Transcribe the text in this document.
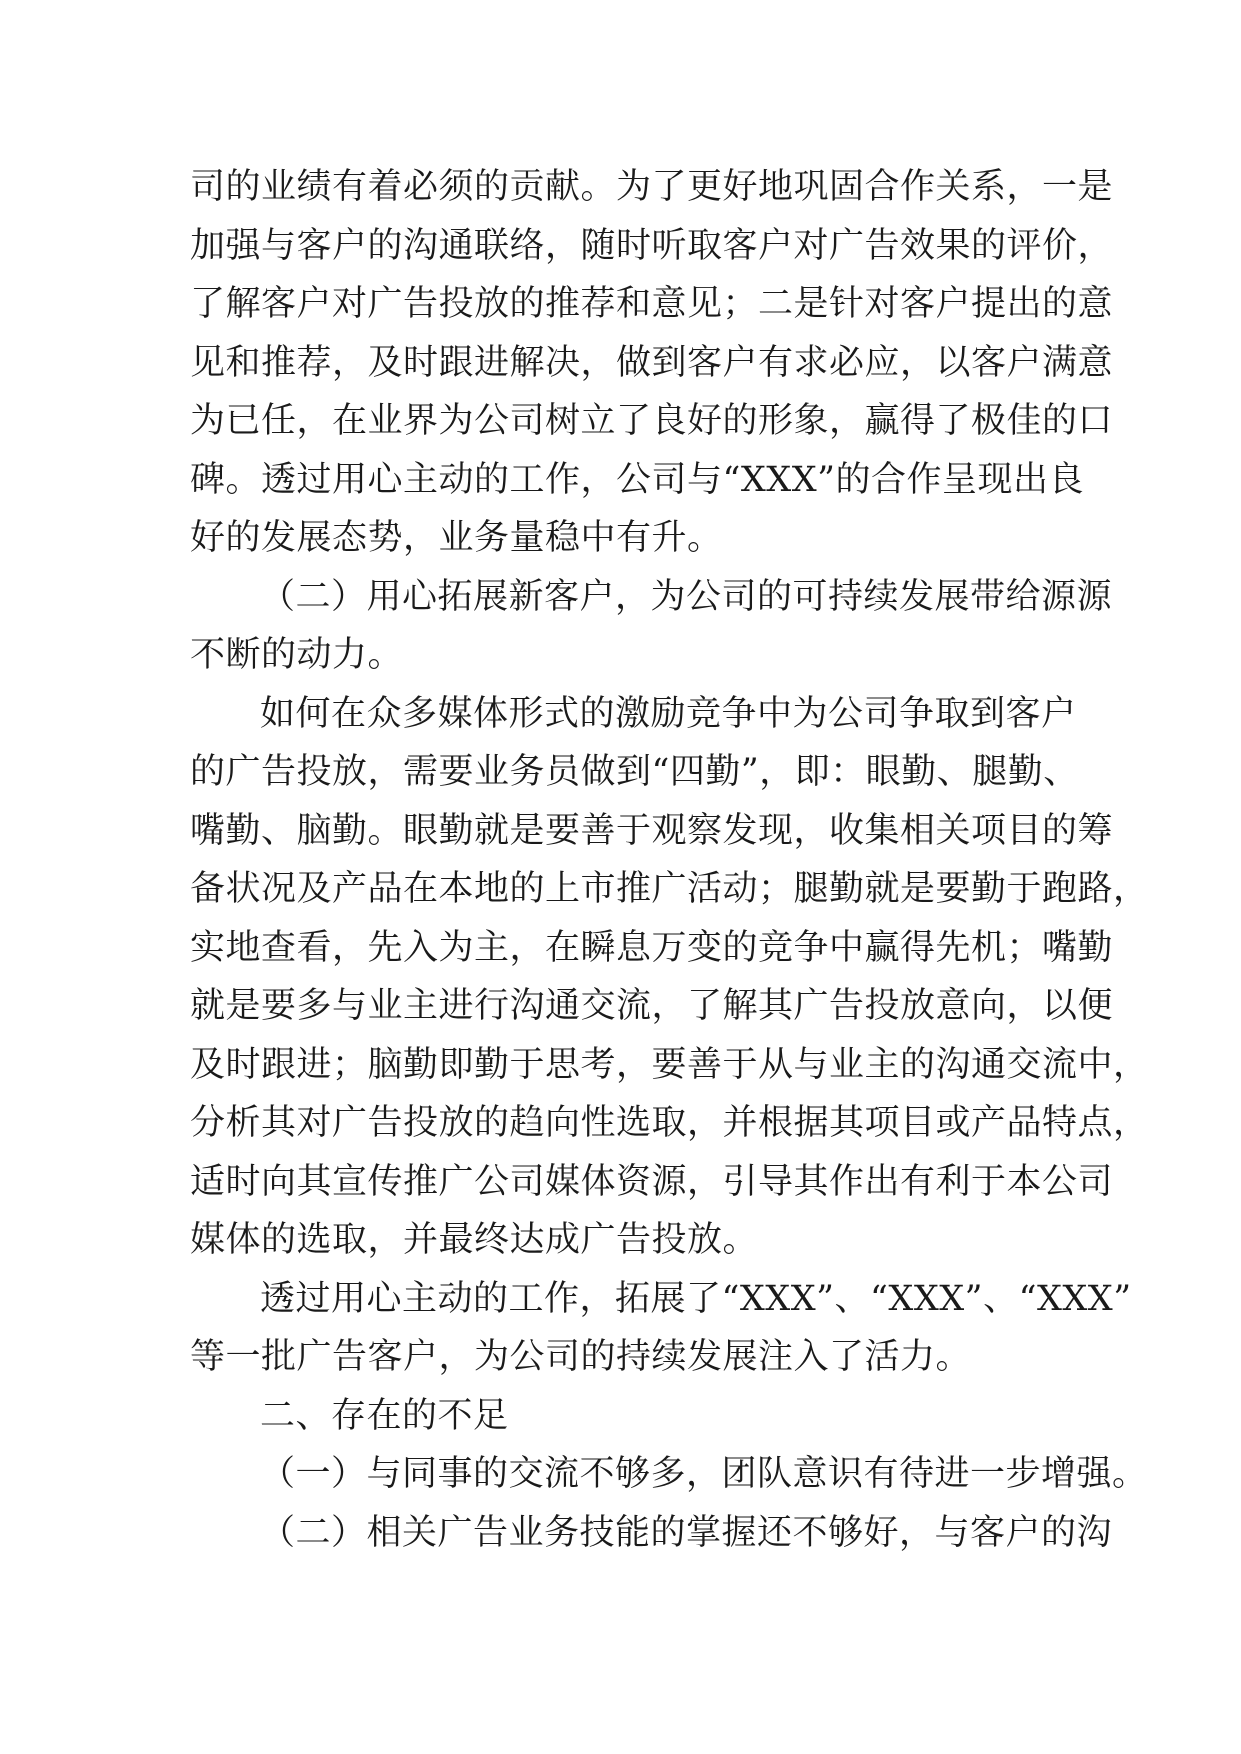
司的业绩有着必须的贡献。为了更好地巩固合作关系，一是
加强与客户的沟通联络，随时听取客户对广告效果的评价，
了解客户对广告投放的推荐和意见；二是针对客户提出的意
见和推荐，及时跟进解决，做到客户有求必应，以客户满意
为已任，在业界为公司树立了良好的形象，赢得了极佳的口
碑。透过用心主动的工作，公司与“XXX”的合作呈现出良
好的发展态势，业务量稳中有升。
（二）用心拓展新客户，为公司的可持续发展带给源源
不断的动力。
如何在众多媒体形式的激励竞争中为公司争取到客户
的广告投放，需要业务员做到“四勤”，即：眼勤、腿勤、
嘴勤、脑勤。眼勤就是要善于观察发现，收集相关项目的筹
备状况及产品在本地的上市推广活动；腿勤就是要勤于跑路，
实地查看，先入为主，在瞬息万变的竞争中赢得先机；嘴勤
就是要多与业主进行沟通交流，了解其广告投放意向，以便
及时跟进；脑勤即勤于思考，要善于从与业主的沟通交流中，
分析其对广告投放的趋向性选取，并根据其项目或产品特点，
适时向其宣传推广公司媒体资源，引导其作出有利于本公司
媒体的选取，并最终达成广告投放。
透过用心主动的工作，拓展了“XXX”、“XXX”、“XXX”
等一批广告客户，为公司的持续发展注入了活力。
二、存在的不足
（一）与同事的交流不够多，团队意识有待进一步增强。
（二）相关广告业务技能的掌握还不够好，与客户的沟
